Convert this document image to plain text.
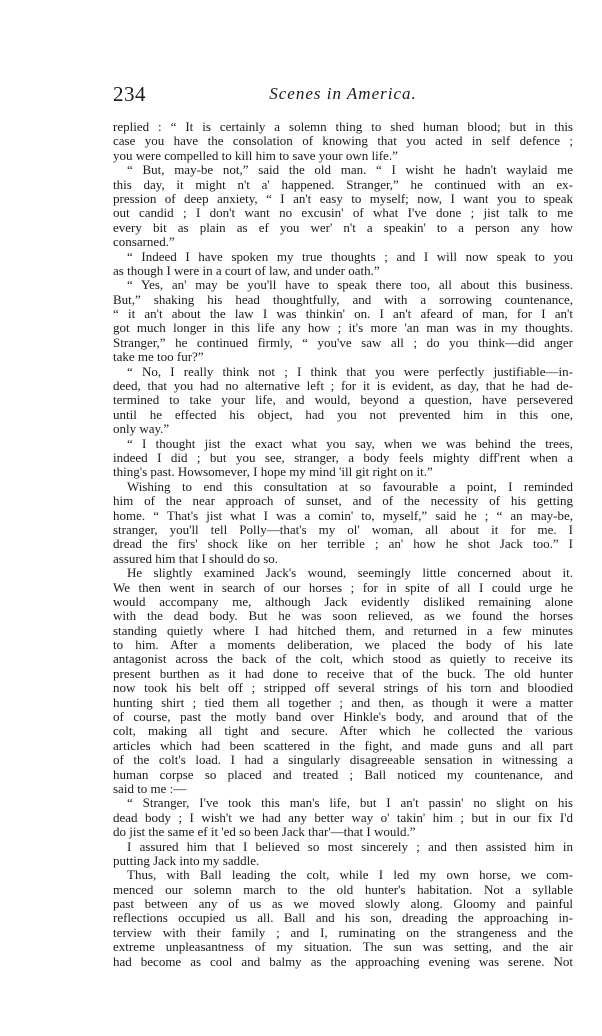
234	Scenes in America.
replied : “ It is certainly a solemn thing to shed human blood; but in this
case you have the consolation of knowing that you acted in self defence ;
you were compelled to kill him to save your own life.”
“ But, may-be not,” said the old man. “ I wisht he hadn't waylaid me
this day, it might n't a' happened. Stranger,” he continued with an ex-
pression of deep anxiety, “ I an't easy to myself; now, I want you to speak
out candid ; I don't want no excusin' of what I've done ; jist talk to me
every bit as plain as ef you wer' n't a speakin' to a person any how
consarned.”
“ Indeed I have spoken my true thoughts ; and I will now speak to you
as though I were in a court of law, and under oath.”
“ Yes, an' may be you'll have to speak there too, all about this business.
But,” shaking his head thoughtfully, and with a sorrowing countenance,
“ it an't about the law I was thinkin' on. I an't afeard of man, for I an't
got much longer in this life any how ; it's more 'an man was in my thoughts.
Stranger,” he continued firmly, “ you've saw all ; do you think—did anger
take me too fur?”
“ No, I really think not ; I think that you were perfectly justifiable—in-
deed, that you had no alternative left ; for it is evident, as day, that he had de-
termined to take your life, and would, beyond a question, have persevered
until he effected his object, had you not prevented him in this one,
only way.”
“ I thought jist the exact what you say, when we was behind the trees,
indeed I did ; but you see, stranger, a body feels mighty diff'rent when a
thing's past. Howsomever, I hope my mind 'ill git right on it.”
Wishing to end this consultation at so favourable a point, I reminded
him of the near approach of sunset, and of the necessity of his getting
home. “ That's jist what I was a comin' to, myself,” said he ; “ an may-be,
stranger, you'll tell Polly—that's my ol' woman, all about it for me. I
dread the firs' shock like on her terrible ; an' how he shot Jack too.” I
assured him that I should do so.
He slightly examined Jack's wound, seemingly little concerned about it.
We then went in search of our horses ; for in spite of all I could urge he
would accompany me, although Jack evidently disliked remaining alone
with the dead body. But he was soon relieved, as we found the horses
standing quietly where I had hitched them, and returned in a few minutes
to him. After a moments deliberation, we placed the body of his late
antagonist across the back of the colt, which stood as quietly to receive its
present burthen as it had done to receive that of the buck. The old hunter
now took his belt off ; stripped off several strings of his torn and bloodied
hunting shirt ; tied them all together ; and then, as though it were a matter
of course, past the motly band over Hinkle's body, and around that of the
colt, making all tight and secure. After which he collected the various
articles which had been scattered in the fight, and made guns and all part
of the colt's load. I had a singularly disagreeable sensation in witnessing a
human corpse so placed and treated ; Ball noticed my countenance, and
said to me :—
“ Stranger, I've took this man's life, but I an't passin' no slight on his
dead body ; I wish't we had any better way o' takin' him ; but in our fix I'd
do jist the same ef it 'ed so been Jack thar'—that I would.”
I assured him that I believed so most sincerely ; and then assisted him in
putting Jack into my saddle.
Thus, with Ball leading the colt, while I led my own horse, we com-
menced our solemn march to the old hunter's habitation. Not a syllable
past between any of us as we moved slowly along. Gloomy and painful
reflections occupied us all. Ball and his son, dreading the approaching in-
terview with their family ; and I, ruminating on the strangeness and the
extreme unpleasantness of my situation. The sun was setting, and the air
had become as cool and balmy as the approaching evening was serene. Not
